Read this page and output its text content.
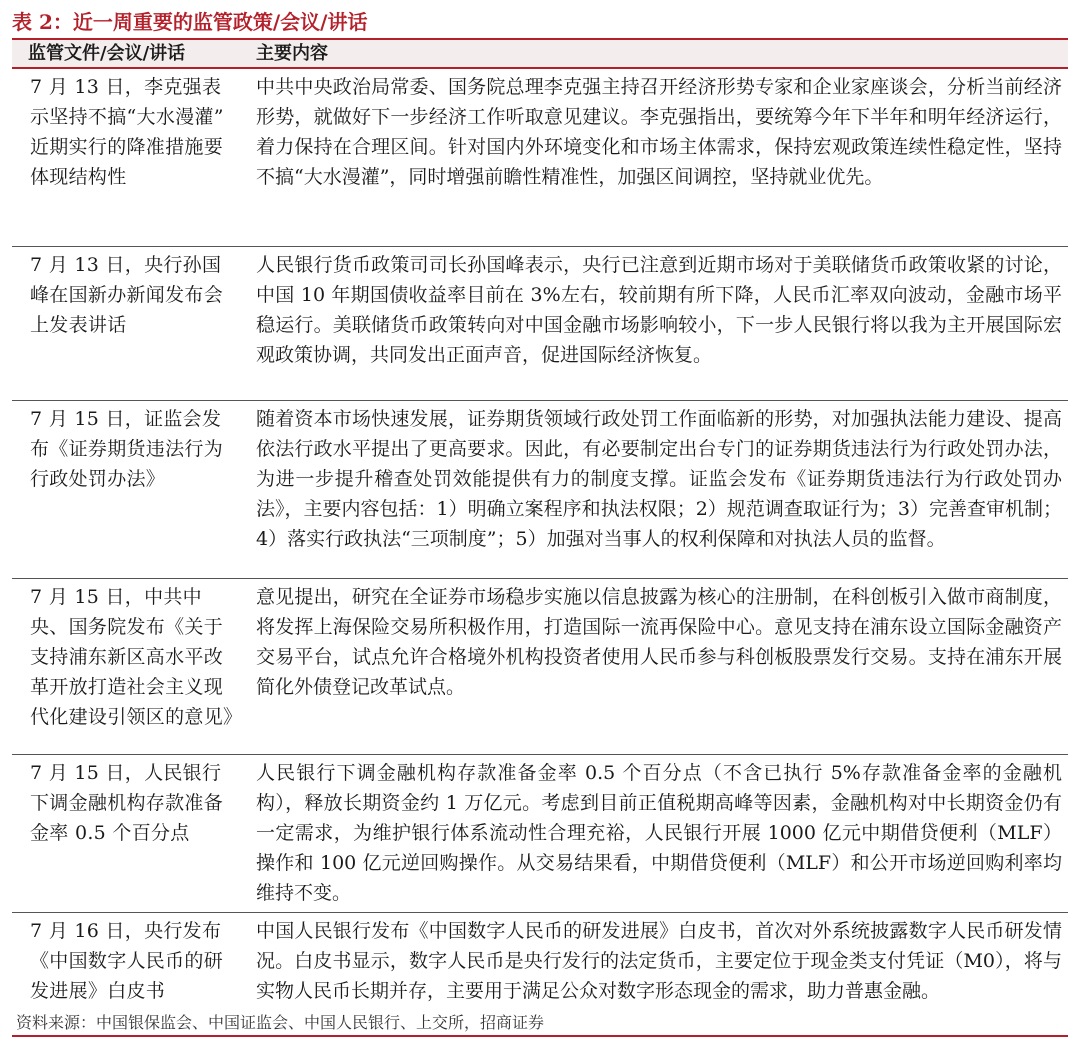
表 2：近一周重要的监管政策/会议/讲话
监管文件/会议/讲话	主要内容
7 月 13 日，李克强表示坚持不搞“大水漫灌” 近期实行的降准措施要体现结构性
中共中央政治局常委、国务院总理李克强主持召开经济形势专家和企业家座谈会，分析当前经济形势，就做好下一步经济工作听取意见建议。李克强指出，要统筹今年下半年和明年经济运行，着力保持在合理区间。针对国内外环境变化和市场主体需求，保持宏观政策连续性稳定性，坚持不搞“大水漫灌”，同时增强前瞻性精准性，加强区间调控，坚持就业优先。
7 月 13 日，央行孙国峰在国新办新闻发布会上发表讲话
人民银行货币政策司司长孙国峰表示，央行已注意到近期市场对于美联储货币政策收紧的讨论，中国 10 年期国债收益率目前在 3%左右，较前期有所下降，人民币汇率双向波动，金融市场平稳运行。美联储货币政策转向对中国金融市场影响较小，下一步人民银行将以我为主开展国际宏观政策协调，共同发出正面声音，促进国际经济恢复。
7 月 15 日，证监会发布《证券期货违法行为行政处罚办法》
随着资本市场快速发展，证券期货领域行政处罚工作面临新的形势，对加强执法能力建设、提高依法行政水平提出了更高要求。因此，有必要制定出台专门的证券期货违法行为行政处罚办法，为进一步提升稽查处罚效能提供有力的制度支撑。证监会发布《证券期货违法行为行政处罚办法》，主要内容包括：1）明确立案程序和执法权限；2）规范调查取证行为；3）完善查审机制；4）落实行政执法“三项制度”；5）加强对当事人的权利保障和对执法人员的监督。
7 月 15 日，中共中央、国务院发布《关于支持浦东新区高水平改革开放打造社会主义现代化建设引领区的意见》
意见提出，研究在全证券市场稳步实施以信息披露为核心的注册制，在科创板引入做市商制度，将发挥上海保险交易所积极作用，打造国际一流再保险中心。意见支持在浦东设立国际金融资产交易平台，试点允许合格境外机构投资者使用人民币参与科创板股票发行交易。支持在浦东开展简化外债登记改革试点。
7 月 15 日，人民银行下调金融机构存款准备金率 0.5 个百分点
人民银行下调金融机构存款准备金率 0.5 个百分点（不含已执行 5%存款准备金率的金融机构），释放长期资金约 1 万亿元。考虑到目前正值税期高峰等因素，金融机构对中长期资金仍有一定需求，为维护银行体系流动性合理充裕，人民银行开展 1000 亿元中期借贷便利（MLF）操作和 100 亿元逆回购操作。从交易结果看，中期借贷便利（MLF）和公开市场逆回购利率均维持不变。
7 月 16 日，央行发布《中国数字人民币的研发进展》白皮书
中国人民银行发布《中国数字人民币的研发进展》白皮书，首次对外系统披露数字人民币研发情况。白皮书显示，数字人民币是央行发行的法定货币，主要定位于现金类支付凭证（M0），将与实物人民币长期并存，主要用于满足公众对数字形态现金的需求，助力普惠金融。
资料来源：中国银保监会、中国证监会、中国人民银行、上交所，招商证券
